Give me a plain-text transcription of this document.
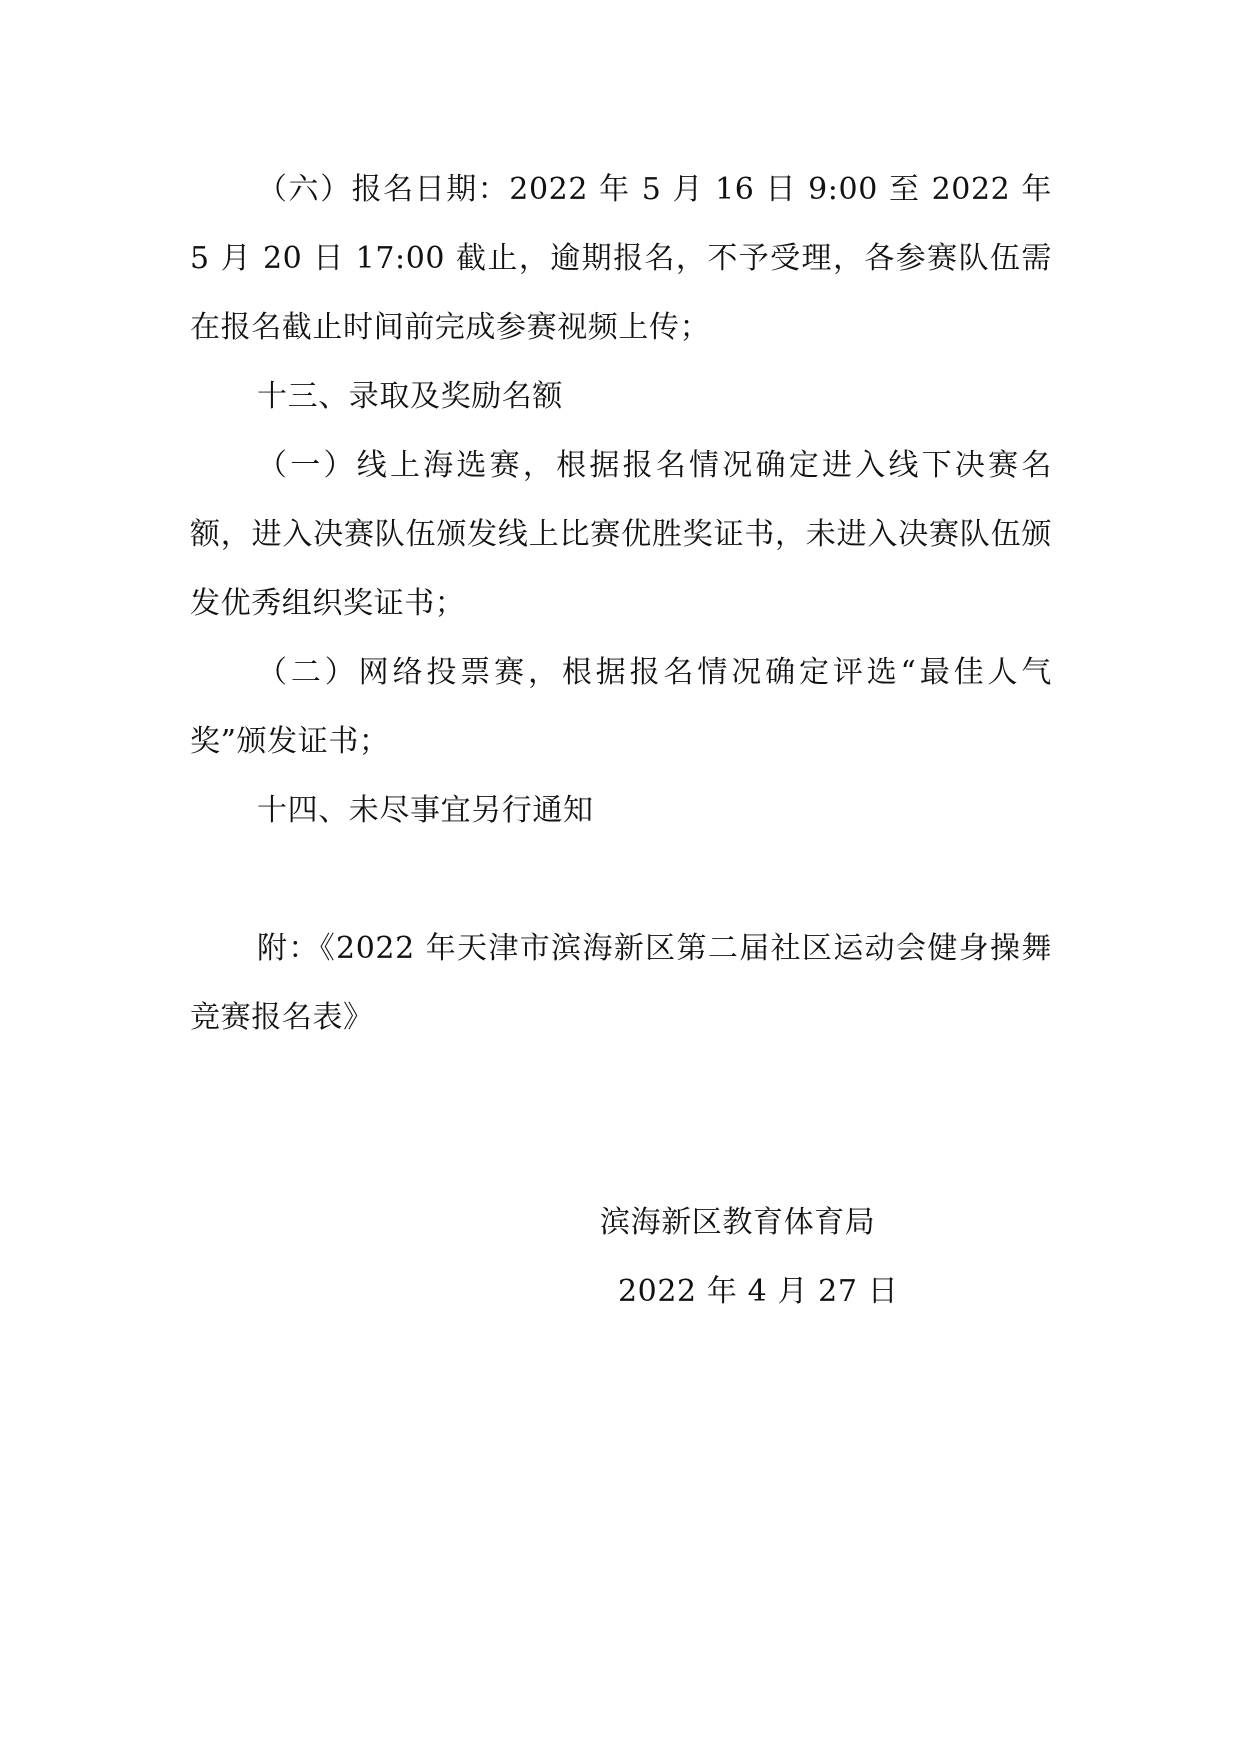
（六）报名日期：2022 年 5 月 16 日 9:00 至 2022 年 5 月 20 日 17:00 截止，逾期报名，不予受理，各参赛队伍需在报名截止时间前完成参赛视频上传；

十三、录取及奖励名额

（一）线上海选赛，根据报名情况确定进入线下决赛名额，进入决赛队伍颁发线上比赛优胜奖证书，未进入决赛队伍颁发优秀组织奖证书；

（二）网络投票赛，根据报名情况确定评选“最佳人气奖”颁发证书；

十四、未尽事宜另行通知

附：《2022 年天津市滨海新区第二届社区运动会健身操舞竞赛报名表》

滨海新区教育体育局

2022 年 4 月 27 日
